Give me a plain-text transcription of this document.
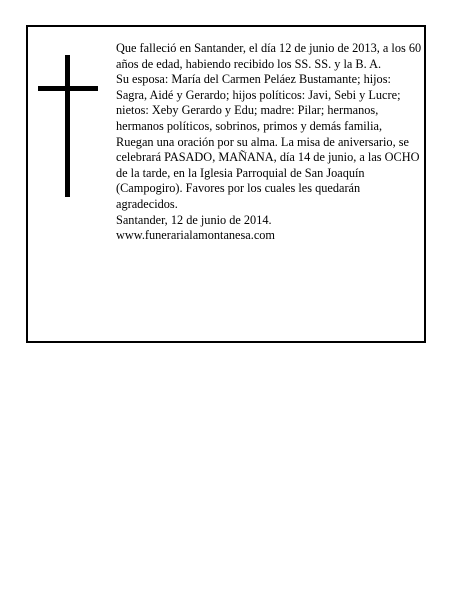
Que falleció en Santander, el día 12 de junio de 2013, a los 60 años de edad, habiendo recibido los SS. SS. y la B. A.

Su esposa: María del Carmen Peláez Bustamante; hijos: Sagra, Aidé y Gerardo; hijos políticos: Javi, Sebi y Lucre; nietos: Xeby Gerardo y Edu; madre: Pilar; hermanos, hermanos políticos, sobrinos, primos y demás familia,

Ruegan una oración por su alma. La misa de aniversario, se celebrará PASADO, MAÑANA, día 14 de junio, a las OCHO de la tarde, en la Iglesia Parroquial de San Joaquín (Campogiro). Favores por los cuales les quedarán agradecidos.

Santander, 12 de junio de 2014.

www.funerarialamontanesa.com
